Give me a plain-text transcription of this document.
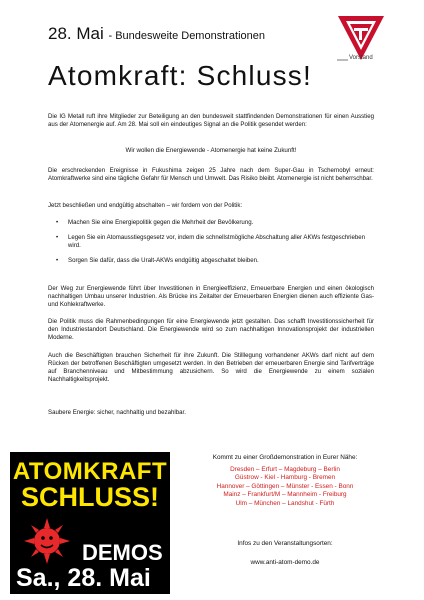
28. Mai - Bundesweite Demonstrationen
Vorstand
Atomkraft: Schluss!
Die IG Metall ruft ihre Mitglieder zur Beteiligung an den bundesweit stattfindenden Demonstrationen für einen Ausstieg aus der Atomenergie auf. Am 28. Mai soll ein eindeutiges Signal an die Politik gesendet werden:
Wir wollen die Energiewende - Atomenergie hat keine Zukunft!
Die erschreckenden Ereignisse in Fukushima zeigen 25 Jahre nach dem Super-Gau in Tschernobyl erneut: Atomkraftwerke sind eine tägliche Gefahr für Mensch und Umwelt. Das Risiko bleibt. Atomenergie ist nicht beherrschbar.
Jetzt beschließen und endgültig abschalten – wir fordern von der Politik:
• Machen Sie eine Energiepolitik gegen die Mehrheit der Bevölkerung.
• Legen Sie ein Atomausstiegsgesetz vor, indem die schnellstmögliche Abschaltung aller AKWs festgeschrieben wird.
• Sorgen Sie dafür, dass die Uralt-AKWs endgültig abgeschaltet bleiben.
Der Weg zur Energiewende führt über Investitionen in Energieeffizienz, Erneuerbare Energien und einen ökologisch nachhaltigen Umbau unserer Industrien. Als Brücke ins Zeitalter der Erneuerbaren Energien dienen auch effiziente Gas- und Kohlekraftwerke.
Die Politik muss die Rahmenbedingungen für eine Energiewende jetzt gestalten. Das schafft Investitionssicherheit für den Industriestandort Deutschland. Die Energiewende wird so zum nachhaltigen Innovationsprojekt der industriellen Moderne.
Auch die Beschäftigten brauchen Sicherheit für ihre Zukunft. Die Stilllegung vorhandener AKWs darf nicht auf dem Rücken der betroffenen Beschäftigten umgesetzt werden. In den Betrieben der erneuerbaren Energie sind Tarifverträge auf Branchenniveau und Mitbestimmung abzusichern. So wird die Energiewende zu einem sozialen Nachhaltigkeitsprojekt.
Saubere Energie: sicher, nachhaltig und bezahlbar.
ATOMKRAFT
SCHLUSS!
DEMOS
Sa., 28. Mai
Kommt zu einer Großdemonstration in Eurer Nähe:
Dresden – Erfurt – Magdeburg – Berlin
Güstrow - Kiel - Hamburg - Bremen
Hannover – Göttingen – Münster - Essen - Bonn
Mainz – Frankfurt/M – Mannheim - Freiburg
Ulm – München – Landshut - Fürth
Infos zu den Veranstaltungsorten:
www.anti-atom-demo.de
